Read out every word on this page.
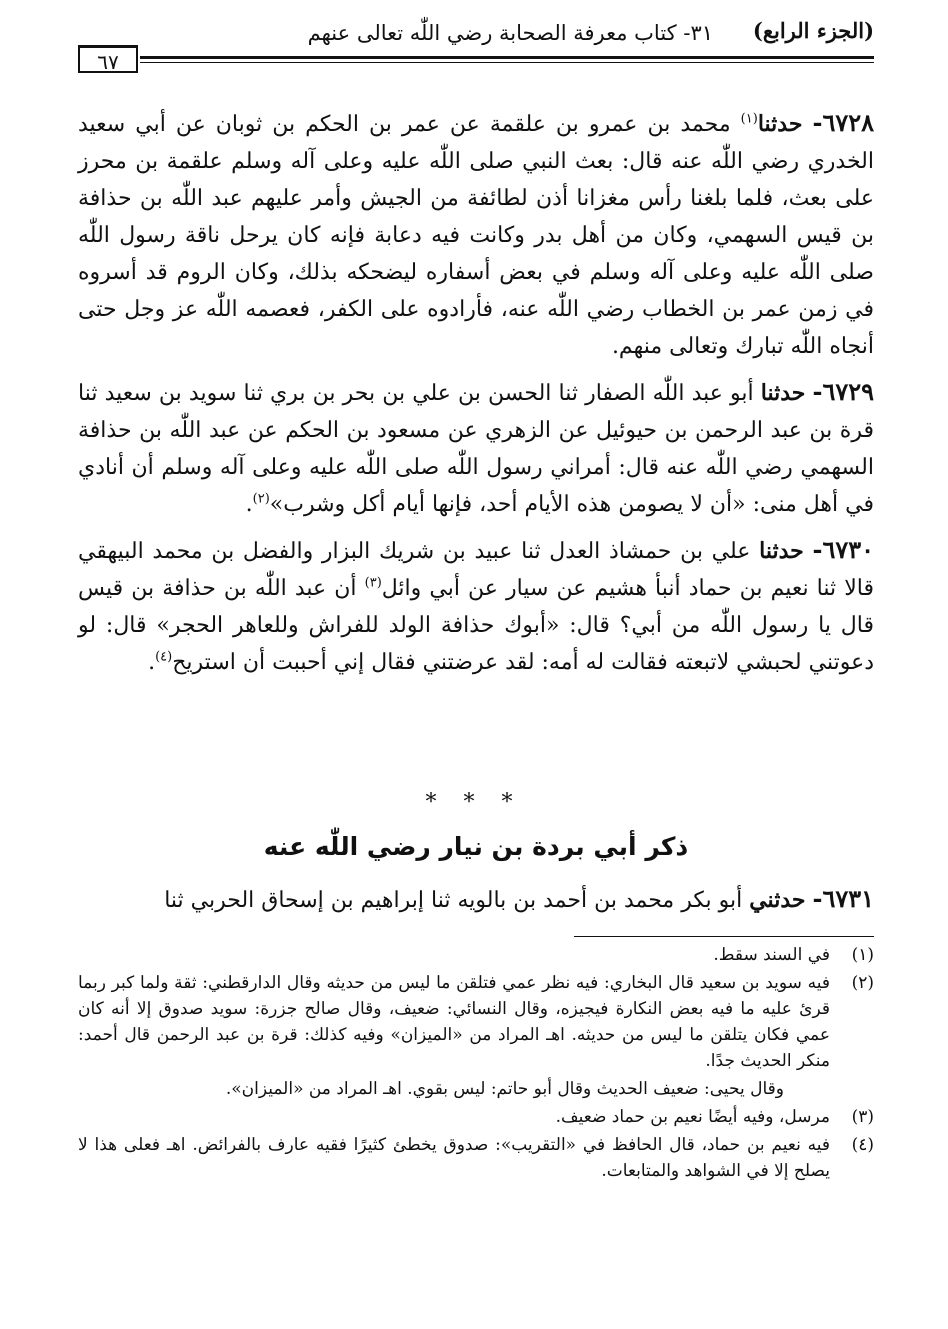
(الجزء الرابع)
٣١- كتاب معرفة الصحابة رضي اللّٰه تعالى عنهم
٦٧

٦٧٢٨- حدثنا$^{(١)}$ محمد بن عمرو بن علقمة عن عمر بن الحكم بن ثوبان عن أبي سعيد الخدري رضي اللّٰه عنه قال: بعث النبي صلى اللّٰه عليه وعلى آله وسلم علقمة بن محرز على بعث، فلما بلغنا رأس مغزانا أذن لطائفة من الجيش وأمر عليهم عبد اللّٰه بن حذافة بن قيس السهمي، وكان من أهل بدر وكانت فيه دعابة فإنه كان يرحل ناقة رسول اللّٰه صلى اللّٰه عليه وعلى آله وسلم في بعض أسفاره ليضحكه بذلك، وكان الروم قد أسروه في زمن عمر بن الخطاب رضي اللّٰه عنه، فأرادوه على الكفر، فعصمه اللّٰه عز وجل حتى أنجاه اللّٰه تبارك وتعالى منهم.

٦٧٢٩- حدثنا أبو عبد اللّٰه الصفار ثنا الحسن بن علي بن بحر بن بري ثنا سويد بن سعيد ثنا قرة بن عبد الرحمن بن حيوئيل عن الزهري عن مسعود بن الحكم عن عبد اللّٰه بن حذافة السهمي رضي اللّٰه عنه قال: أمراني رسول اللّٰه صلى اللّٰه عليه وعلى آله وسلم أن أنادي في أهل منى: «أن لا يصومن هذه الأيام أحد، فإنها أيام أكل وشرب»$^{(٢)}$.

٦٧٣٠- حدثنا علي بن حمشاذ العدل ثنا عبيد بن شريك البزار والفضل بن محمد البيهقي قالا ثنا نعيم بن حماد أنبأ هشيم عن سيار عن أبي وائل$^{(٣)}$ أن عبد اللّٰه بن حذافة بن قيس قال يا رسول اللّٰه من أبي؟ قال: «أبوك حذافة الولد للفراش وللعاهر الحجر» قال: لو دعوتني لحبشي لاتبعته فقالت له أمه: لقد عرضتني فقال إني أحببت أن استريح$^{(٤)}$.

* * *
ذكر أبي بردة بن نيار رضي اللّٰه عنه
٦٧٣١- حدثني أبو بكر محمد بن أحمد بن بالويه ثنا إبراهيم بن إسحاق الحربي ثنا
(١)
في السند سقط.
(٢)
فيه سويد بن سعيد قال البخاري: فيه نظر عمي فتلقن ما ليس من حديثه وقال الدارقطني: ثقة ولما كبر ربما قرئ عليه ما فيه بعض النكارة فيجيزه، وقال النسائي: ضعيف، وقال صالح جزرة: سويد صدوق إلا أنه كان عمي فكان يتلقن ما ليس من حديثه. اهـ المراد من «الميزان» وفيه كذلك: قرة بن عبد الرحمن قال أحمد: منكر الحديث جدًا.
وقال يحيى: ضعيف الحديث وقال أبو حاتم: ليس بقوي. اهـ المراد من «الميزان».
(٣)
مرسل، وفيه أيضًا نعيم بن حماد ضعيف.
(٤)
فيه نعيم بن حماد، قال الحافظ في «التقريب»: صدوق يخطئ كثيرًا فقيه عارف بالفرائض. اهـ فعلى هذا لا يصلح إلا في الشواهد والمتابعات.
